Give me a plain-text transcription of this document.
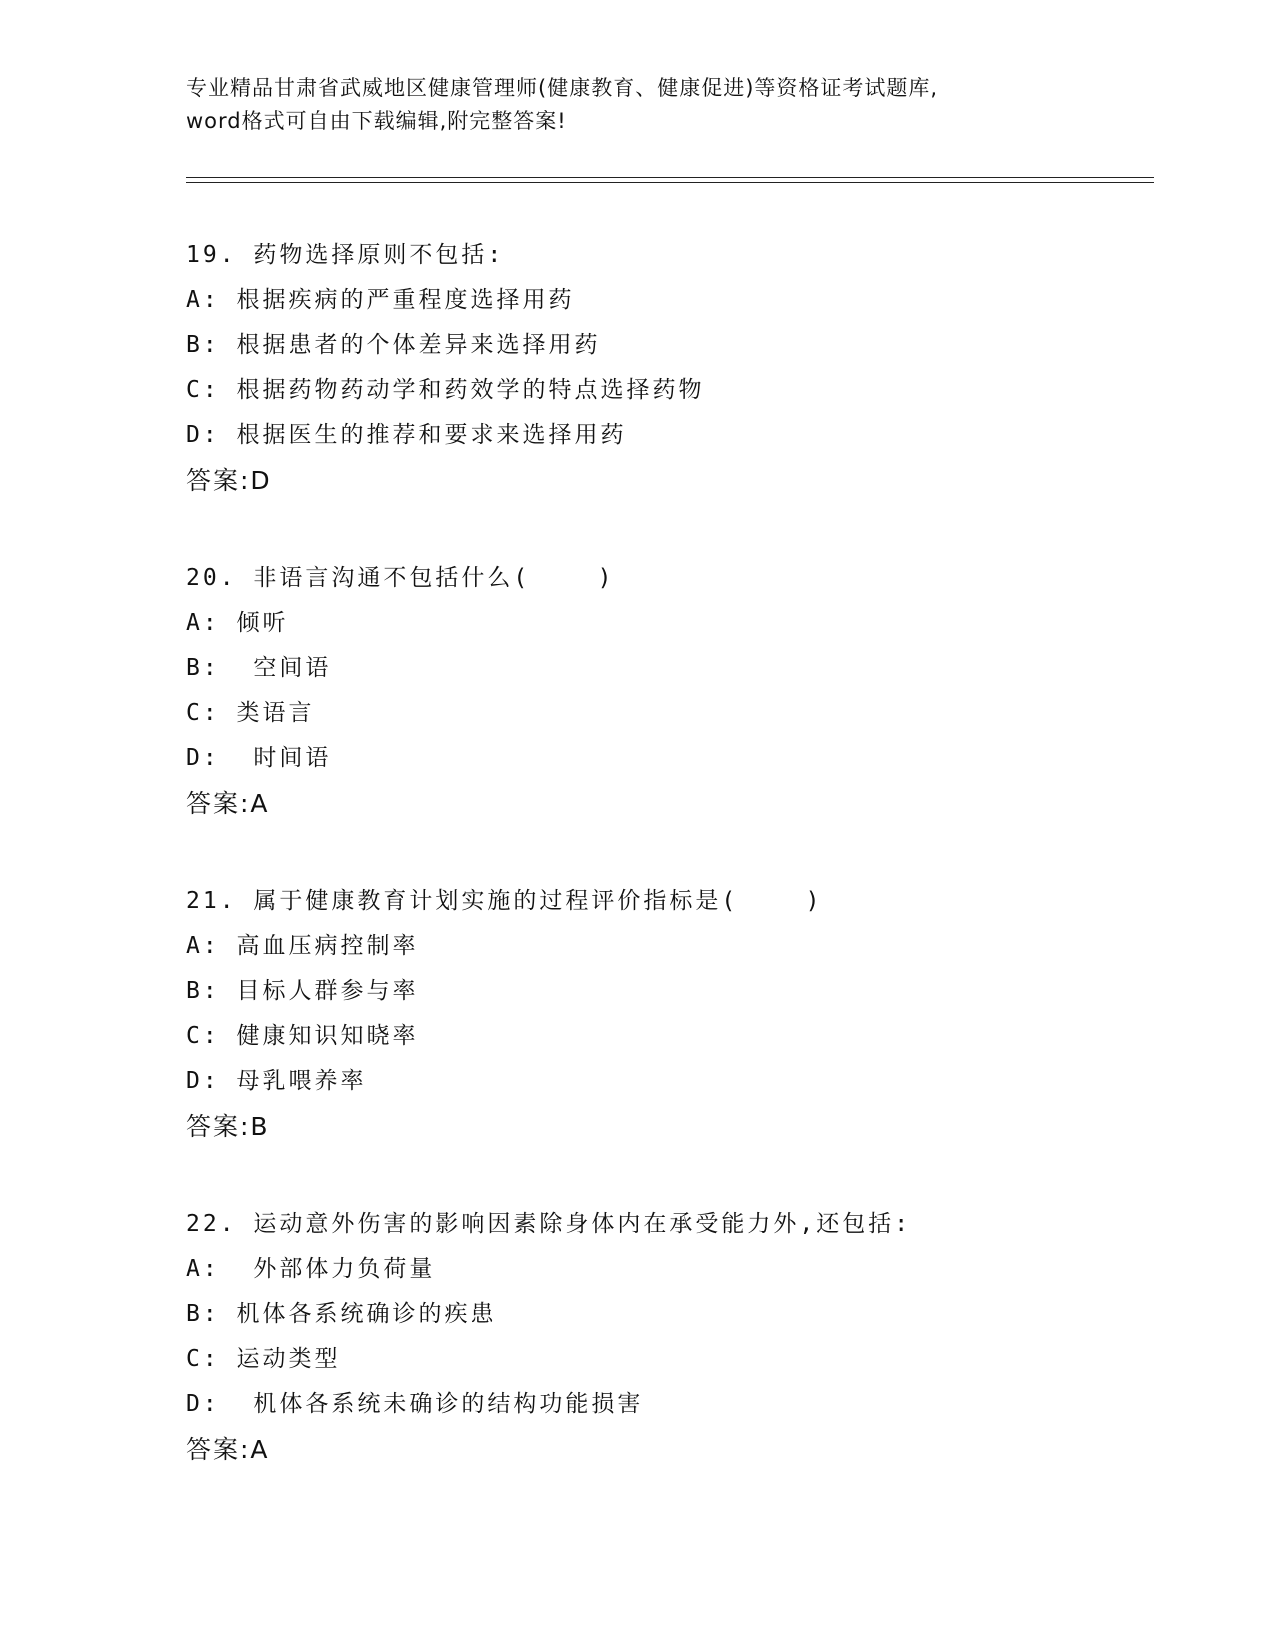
专业精品甘肃省武威地区健康管理师(健康教育、健康促进)等资格证考试题库,
word格式可自由下载编辑,附完整答案!
19. 药物选择原则不包括:
A: 根据疾病的严重程度选择用药
B: 根据患者的个体差异来选择用药
C: 根据药物药动学和药效学的特点选择药物
D: 根据医生的推荐和要求来选择用药
答案:D
20. 非语言沟通不包括什么(    )
A: 倾听
B:  空间语
C: 类语言
D:  时间语
答案:A
21. 属于健康教育计划实施的过程评价指标是(    )
A: 高血压病控制率
B: 目标人群参与率
C: 健康知识知晓率
D: 母乳喂养率
答案:B
22. 运动意外伤害的影响因素除身体内在承受能力外,还包括:
A:  外部体力负荷量
B: 机体各系统确诊的疾患
C: 运动类型
D:  机体各系统未确诊的结构功能损害
答案:A
